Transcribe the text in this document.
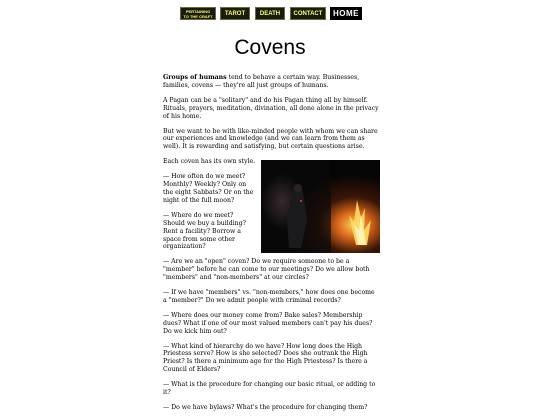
PERTAINING TO THE CRAFT	TAROT	DEATH	CONTACT	HOME
Covens

Groups of humans tend to behave a certain way. Businesses, families, covens — they're all just groups of humans.

A Pagan can be a "solitary" and do his Pagan thing all by himself. Rituals, prayers, meditation, divination, all done alone in the privacy of his home.

But we want to be with like-minded people with whom we can share our experiences and knowledge (and we can learn from them as well). It is rewarding and satisfying, but certain questions arise.

Each coven has its own style.

— How often do we meet? Monthly? Weekly? Only on the eight Sabbats? Or on the night of the full moon?

— Where do we meet? Should we buy a building? Rent a facility? Borrow a space from some other organization?

— Are we an "open" coven? Do we require someone to be a "member" before he can come to our meetings? Do we allow both "members" and "non-members" at our circles?

— If we have "members" vs. "non-members," how does one become a "member?" Do we admit people with criminal records?

— Where does our money come from? Bake sales? Membership dues? What if one of our most valued members can't pay his dues? Do we kick him out?

— What kind of hierarchy do we have? How long does the High Priestess serve? How is she selected? Does she outrank the High Priest? Is there a minimum age for the High Priestess? Is there a Council of Elders?

— What is the procedure for changing our basic ritual, or adding to it?

— Do we have bylaws? What's the procedure for changing them?
